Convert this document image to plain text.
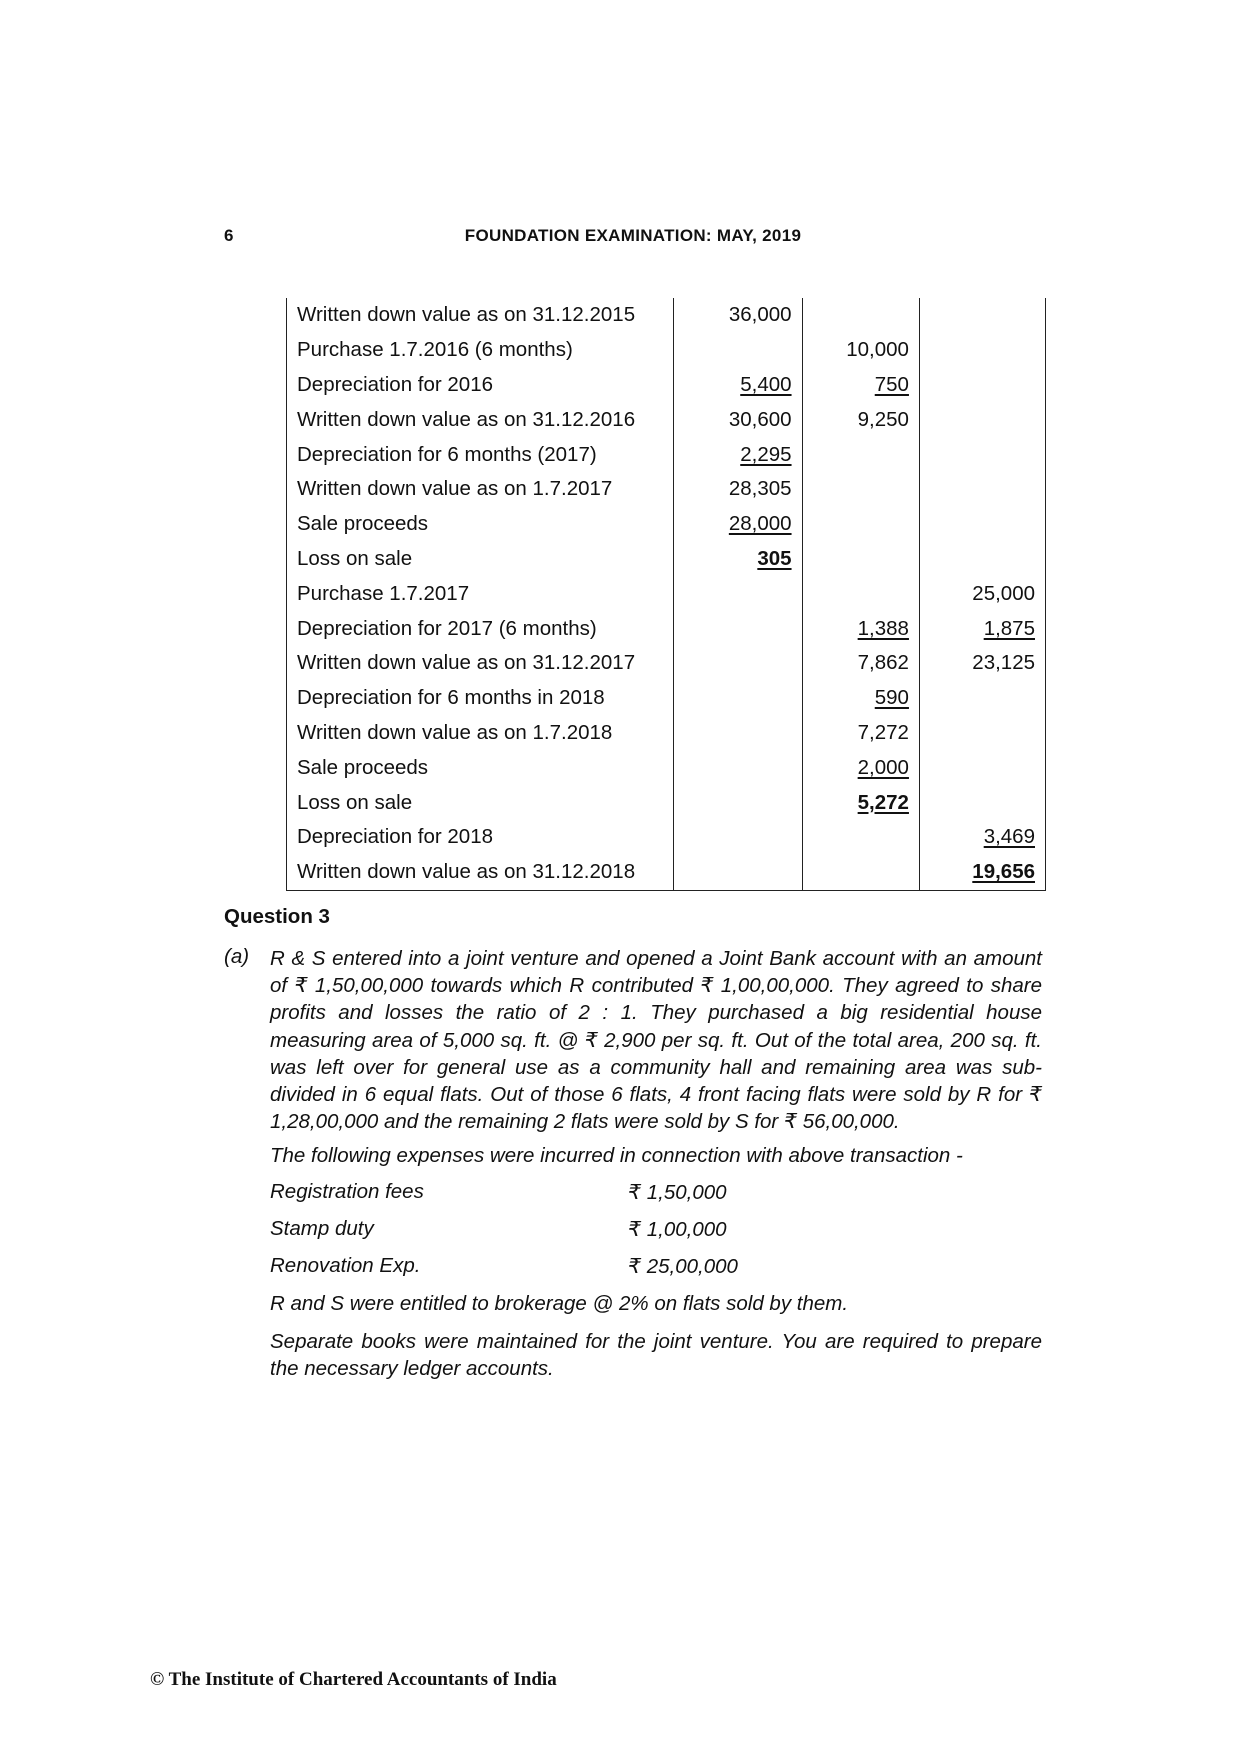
6	FOUNDATION EXAMINATION: MAY, 2019
Written down value as on 31.12.2015	36,000		
Purchase 1.7.2016 (6 months)		10,000	
Depreciation for 2016	5,400	750	
Written down value as on 31.12.2016	30,600	9,250	
Depreciation for 6 months (2017)	2,295		
Written down value as on 1.7.2017	28,305		
Sale proceeds	28,000		
Loss on sale	305		
Purchase 1.7.2017			25,000
Depreciation for 2017 (6 months)		1,388	1,875
Written down value as on 31.12.2017		7,862	23,125
Depreciation for 6 months in 2018		590	
Written down value as on 1.7.2018		7,272	
Sale proceeds		2,000	
Loss on sale		5,272	
Depreciation for 2018			3,469
Written down value as on 31.12.2018			19,656
Question 3
(a) R & S entered into a joint venture and opened a Joint Bank account with an amount of ₹ 1,50,00,000 towards which R contributed ₹ 1,00,00,000. They agreed to share profits and losses the ratio of 2 : 1. They purchased a big residential house measuring area of 5,000 sq. ft. @ ₹ 2,900 per sq. ft. Out of the total area, 200 sq. ft. was left over for general use as a community hall and remaining area was sub-divided in 6 equal flats. Out of those 6 flats, 4 front facing flats were sold by R for ₹ 1,28,00,000 and the remaining 2 flats were sold by S for ₹ 56,00,000.

The following expenses were incurred in connection with above transaction -
Registration fees	₹ 1,50,000
Stamp duty	₹ 1,00,000
Renovation Exp.	₹ 25,00,000
R and S were entitled to brokerage @ 2% on flats sold by them.

Separate books were maintained for the joint venture. You are required to prepare the necessary ledger accounts.

© The Institute of Chartered Accountants of India
